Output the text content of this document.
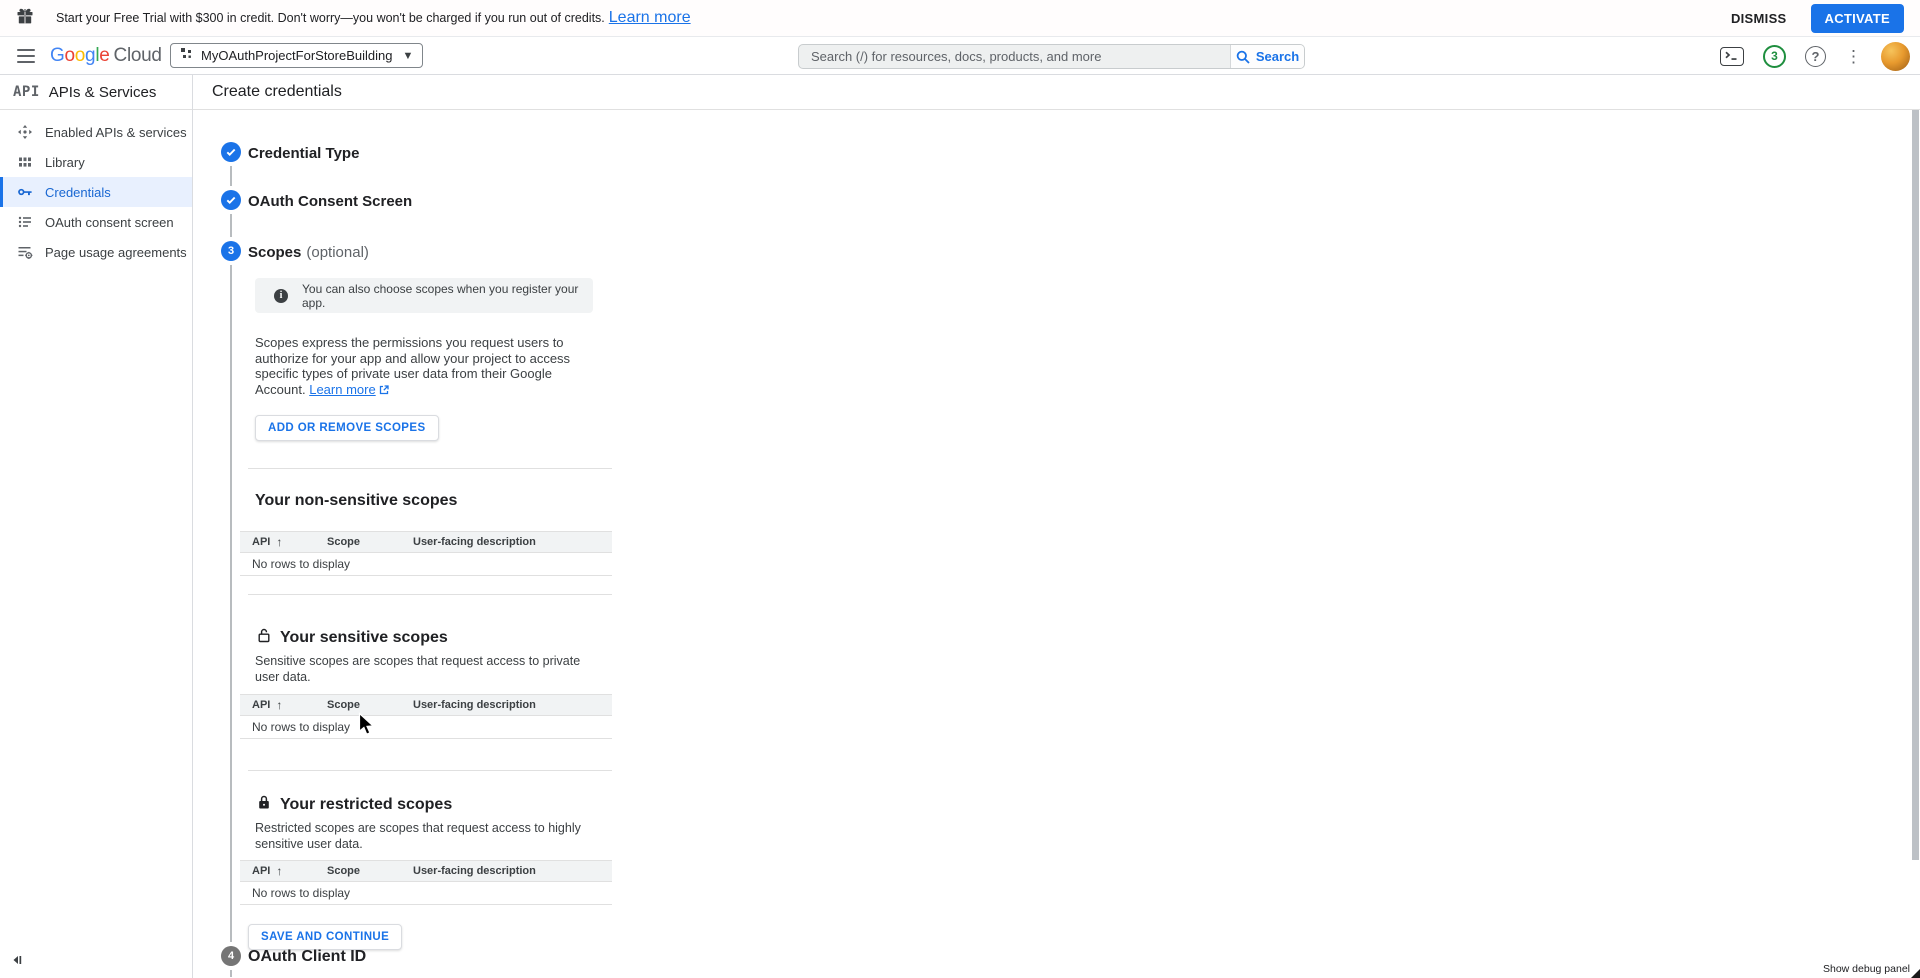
Start your Free Trial with $300 in credit. Don't worry—you won't be charged if you run out of credits. Learn more	DISMISS	ACTIVATE
Google Cloud	MyOAuthProjectForStoreBuilding ▼
Search (/) for resources, docs, products, and more	Search	3	?	⋮
API APIs & Services
Enabled APIs & services
Library
Credentials
OAuth consent screen
Page usage agreements
Create credentials
Credential Type
OAuth Consent Screen
3 Scopes (optional)
i	You can also choose scopes when you register your app.
Scopes express the permissions you request users to authorize for your app and allow your project to access specific types of private user data from their Google Account. Learn more
ADD OR REMOVE SCOPES
Your non-sensitive scopes
API ↑	Scope	User-facing description
No rows to display
Your sensitive scopes
Sensitive scopes are scopes that request access to private user data.
API ↑	Scope	User-facing description
No rows to display
Your restricted scopes
Restricted scopes are scopes that request access to highly sensitive user data.
API ↑	Scope	User-facing description
No rows to display
SAVE AND CONTINUE
4 OAuth Client ID
Show debug panel
